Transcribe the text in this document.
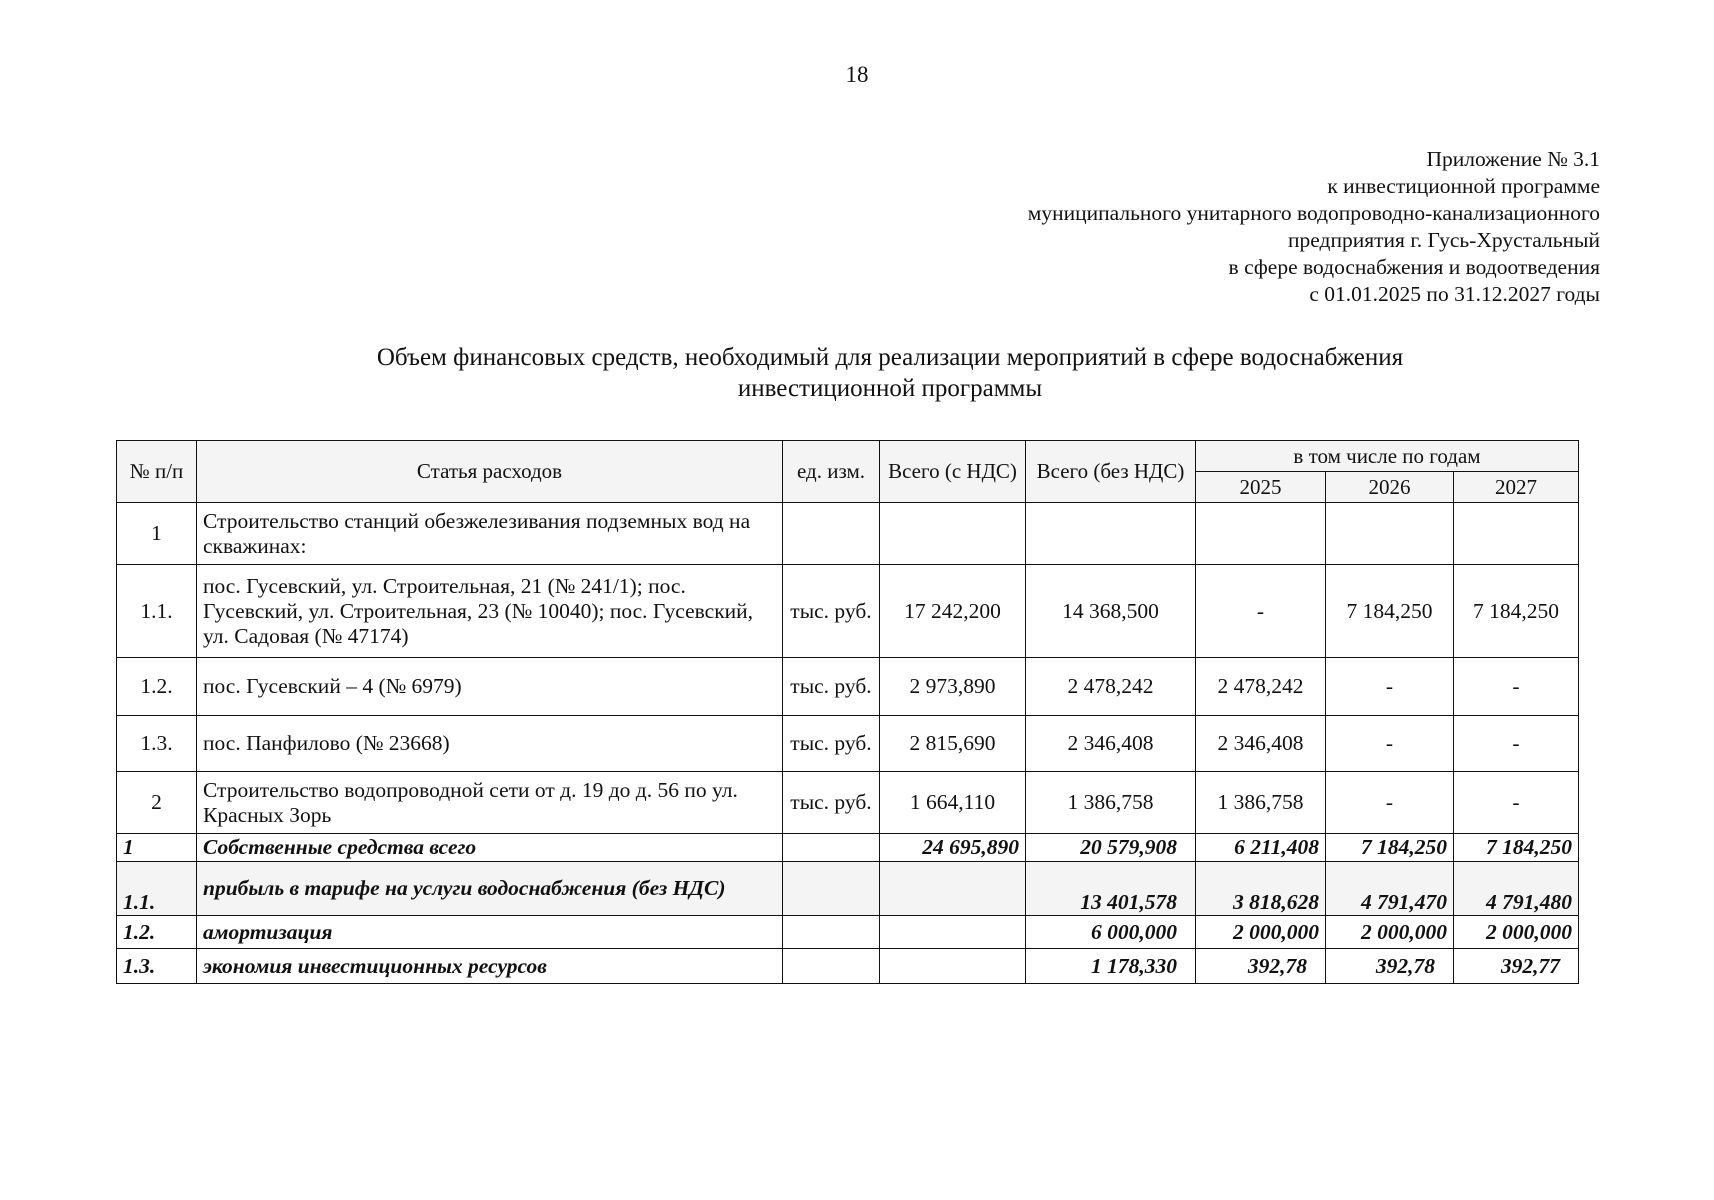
18
Приложение № 3.1
к инвестиционной программе
муниципального унитарного водопроводно-канализационного
предприятия г. Гусь-Хрустальный
в сфере водоснабжения и водоотведения
с 01.01.2025 по 31.12.2027 годы
Объем финансовых средств, необходимый для реализации мероприятий в сфере водоснабжения
инвестиционной программы
№ п/п	Статья расходов	ед. изм.	Всего (с НДС)	Всего (без НДС)	в том числе по годам		
					2025	2026	2027
1	Строительство станций обезжелезивания подземных вод на скважинах:						
1.1.	пос. Гусевский, ул. Строительная, 21 (№ 241/1); пос. Гусевский, ул. Строительная, 23 (№ 10040); пос. Гусевский, ул. Садовая (№ 47174)	тыс. руб.	17 242,200	14 368,500	-	7 184,250	7 184,250
1.2.	пос. Гусевский – 4 (№ 6979)	тыс. руб.	2 973,890	2 478,242	2 478,242	-	-
1.3.	пос. Панфилово (№ 23668)	тыс. руб.	2 815,690	2 346,408	2 346,408	-	-
2	Строительство водопроводной сети от д. 19 до д. 56 по ул. Красных Зорь	тыс. руб.	1 664,110	1 386,758	1 386,758	-	-
1	Собственные средства всего		24 695,890	20 579,908	6 211,408	7 184,250	7 184,250
1.1.	прибыль в тарифе на услуги водоснабжения (без НДС)			13 401,578	3 818,628	4 791,470	4 791,480
1.2.	амортизация			6 000,000	2 000,000	2 000,000	2 000,000
1.3.	экономия инвестиционных ресурсов			1 178,330	392,78	392,78	392,77
